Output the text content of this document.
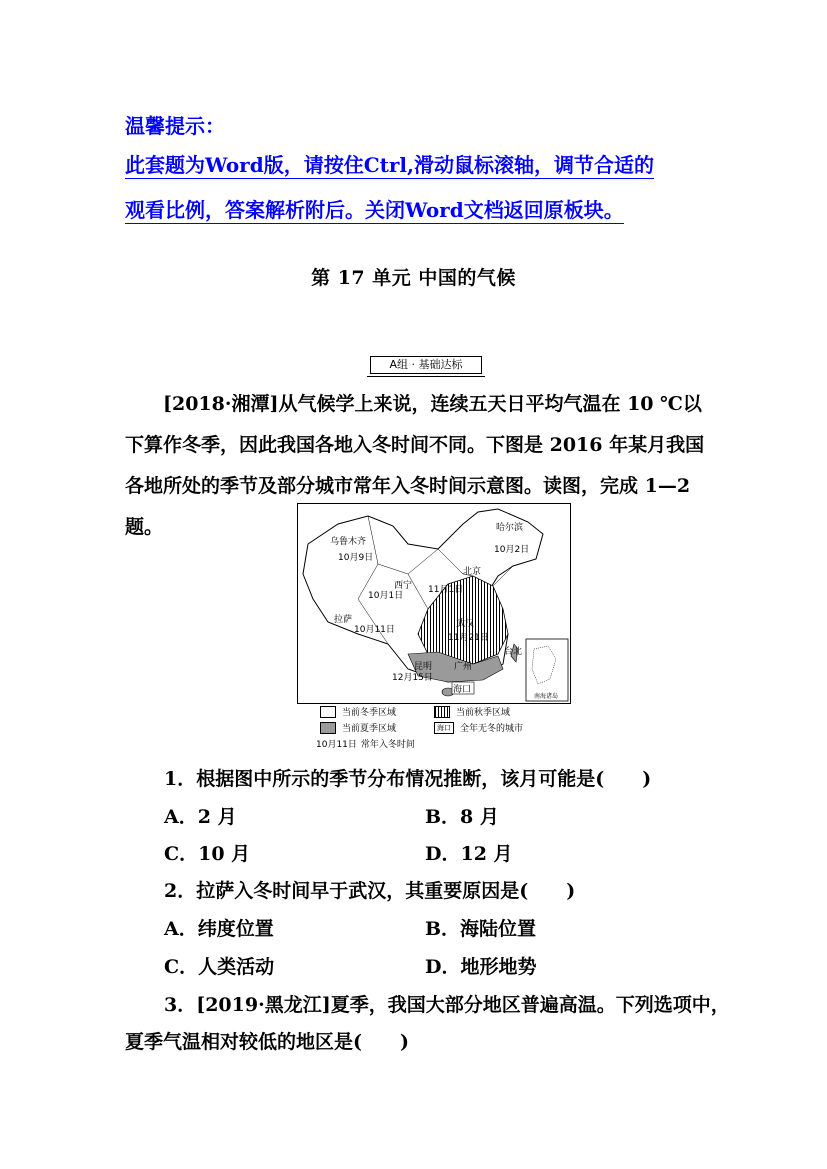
温馨提示：
此套题为Word版，请按住Ctrl,滑动鼠标滚轴，调节合适的
观看比例，答案解析附后。关闭Word文档返回原板块。
第 17 单元 中国的气候
A组 · 基础达标
[2018·湘潭]从气候学上来说，连续五天日平均气温在 10 ℃以下算作冬季，因此我国各地入冬时间不同。下图是 2016 年某月我国各地所处的季节及部分城市常年入冬时间示意图。读图，完成 1—2 题。
乌鲁木齐
10月9日
哈尔滨
10月2日
北京
西宁
10月1日
11月1日
拉萨
10月11日
武汉
11月21日
昆明
12月15日
广州
台北
海口
南海诸岛
当前冬季区域	当前秋季区域
当前夏季区域	海口	全年无冬的城市
10月11日 常年入冬时间
1．根据图中所示的季节分布情况推断，该月可能是(　　)
A．2 月	B．8 月
C．10 月	D．12 月
2．拉萨入冬时间早于武汉，其重要原因是(　　)
A．纬度位置	B．海陆位置
C．人类活动	D．地形地势
3．[2019·黑龙江]夏季，我国大部分地区普遍高温。下列选项中，
夏季气温相对较低的地区是(　　)
